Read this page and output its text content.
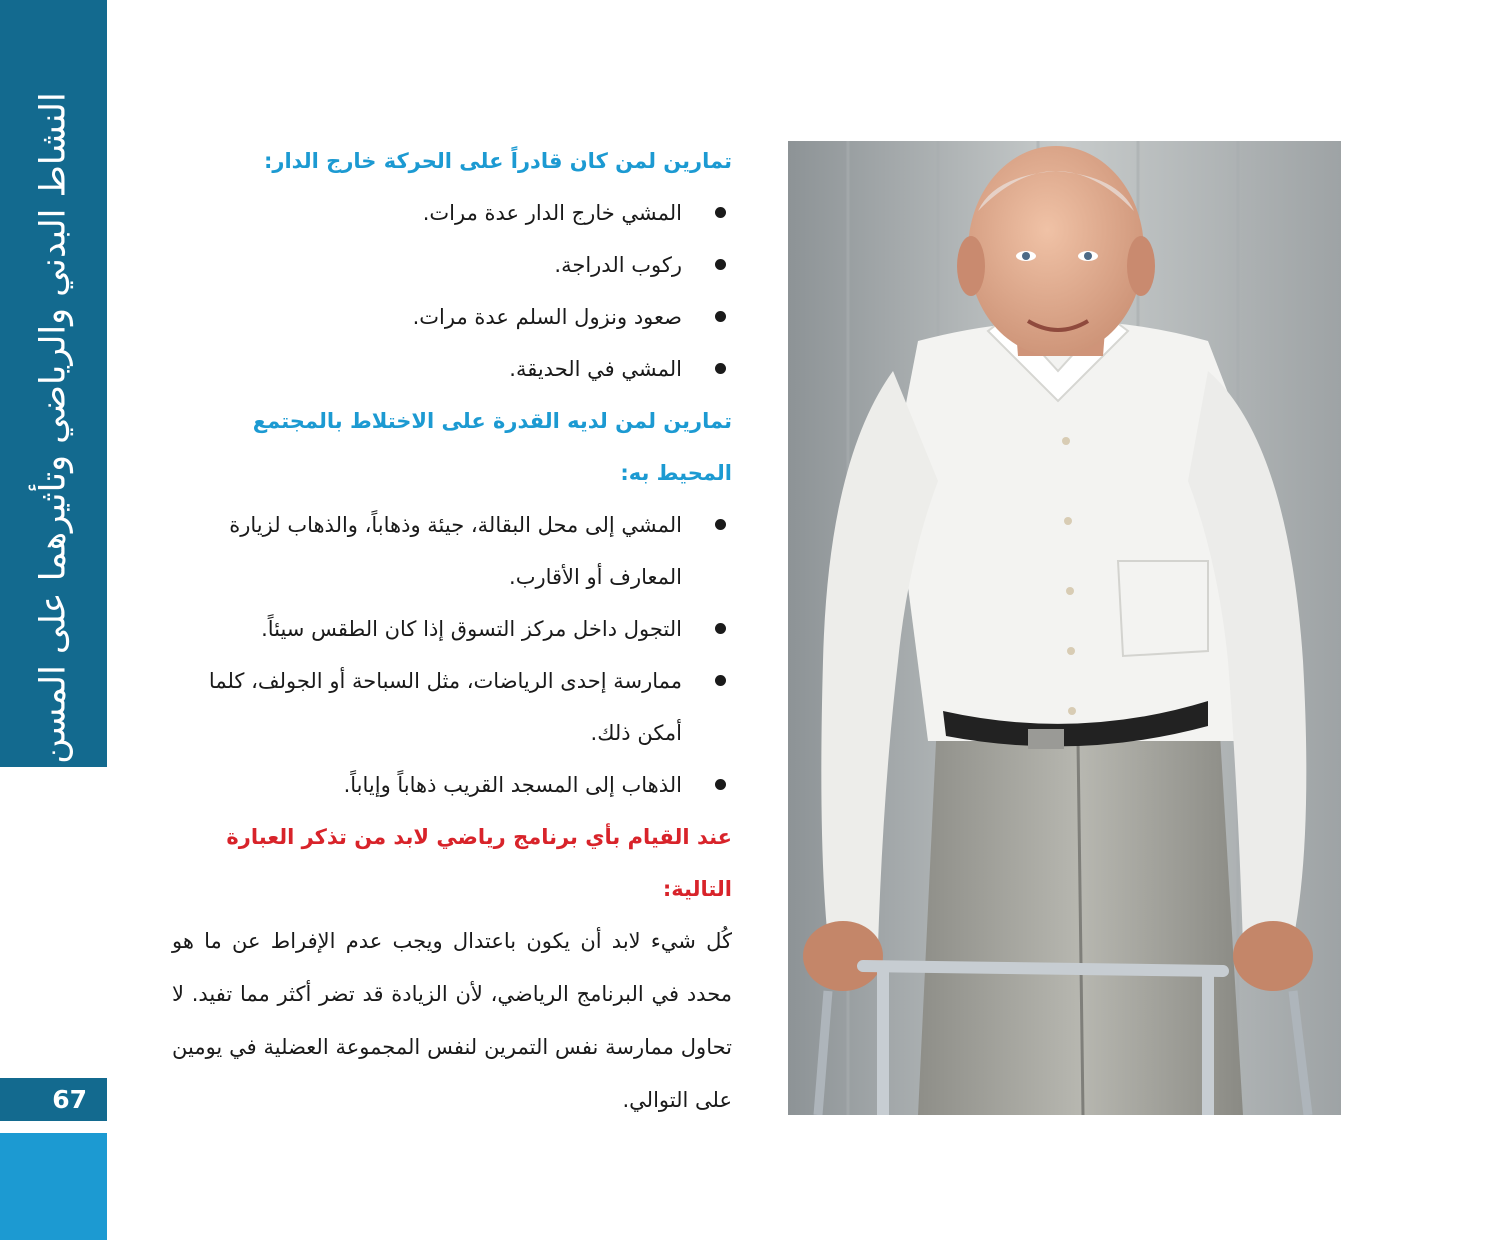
النشاط البدني والرياضي وتأثيرهما على المسن
67

تمارين لمن كان قادراً على الحركة خارج الدار:

المشي خارج الدار عدة مرات.
ركوب الدراجة.
صعود ونزول السلم عدة مرات.
المشي في الحديقة.

تمارين لمن لديه القدرة على الاختلاط بالمجتمع المحيط به:

المشي إلى محل البقالة، جيئة وذهاباً، والذهاب لزيارة المعارف أو الأقارب.
التجول داخل مركز التسوق إذا كان الطقس سيئاً.
ممارسة إحدى الرياضات، مثل السباحة أو الجولف، كلما أمكن ذلك.
الذهاب إلى المسجد القريب ذهاباً وإياباً.

عند القيام بأي برنامج رياضي لابد من تذكر العبارة التالية:

كُل شيء لابد أن يكون باعتدال ويجب عدم الإفراط عن ما هو محدد في البرنامج الرياضي، لأن الزيادة قد تضر أكثر مما تفيد. لا تحاول ممارسة نفس التمرين لنفس المجموعة العضلية في يومين على التوالي.
